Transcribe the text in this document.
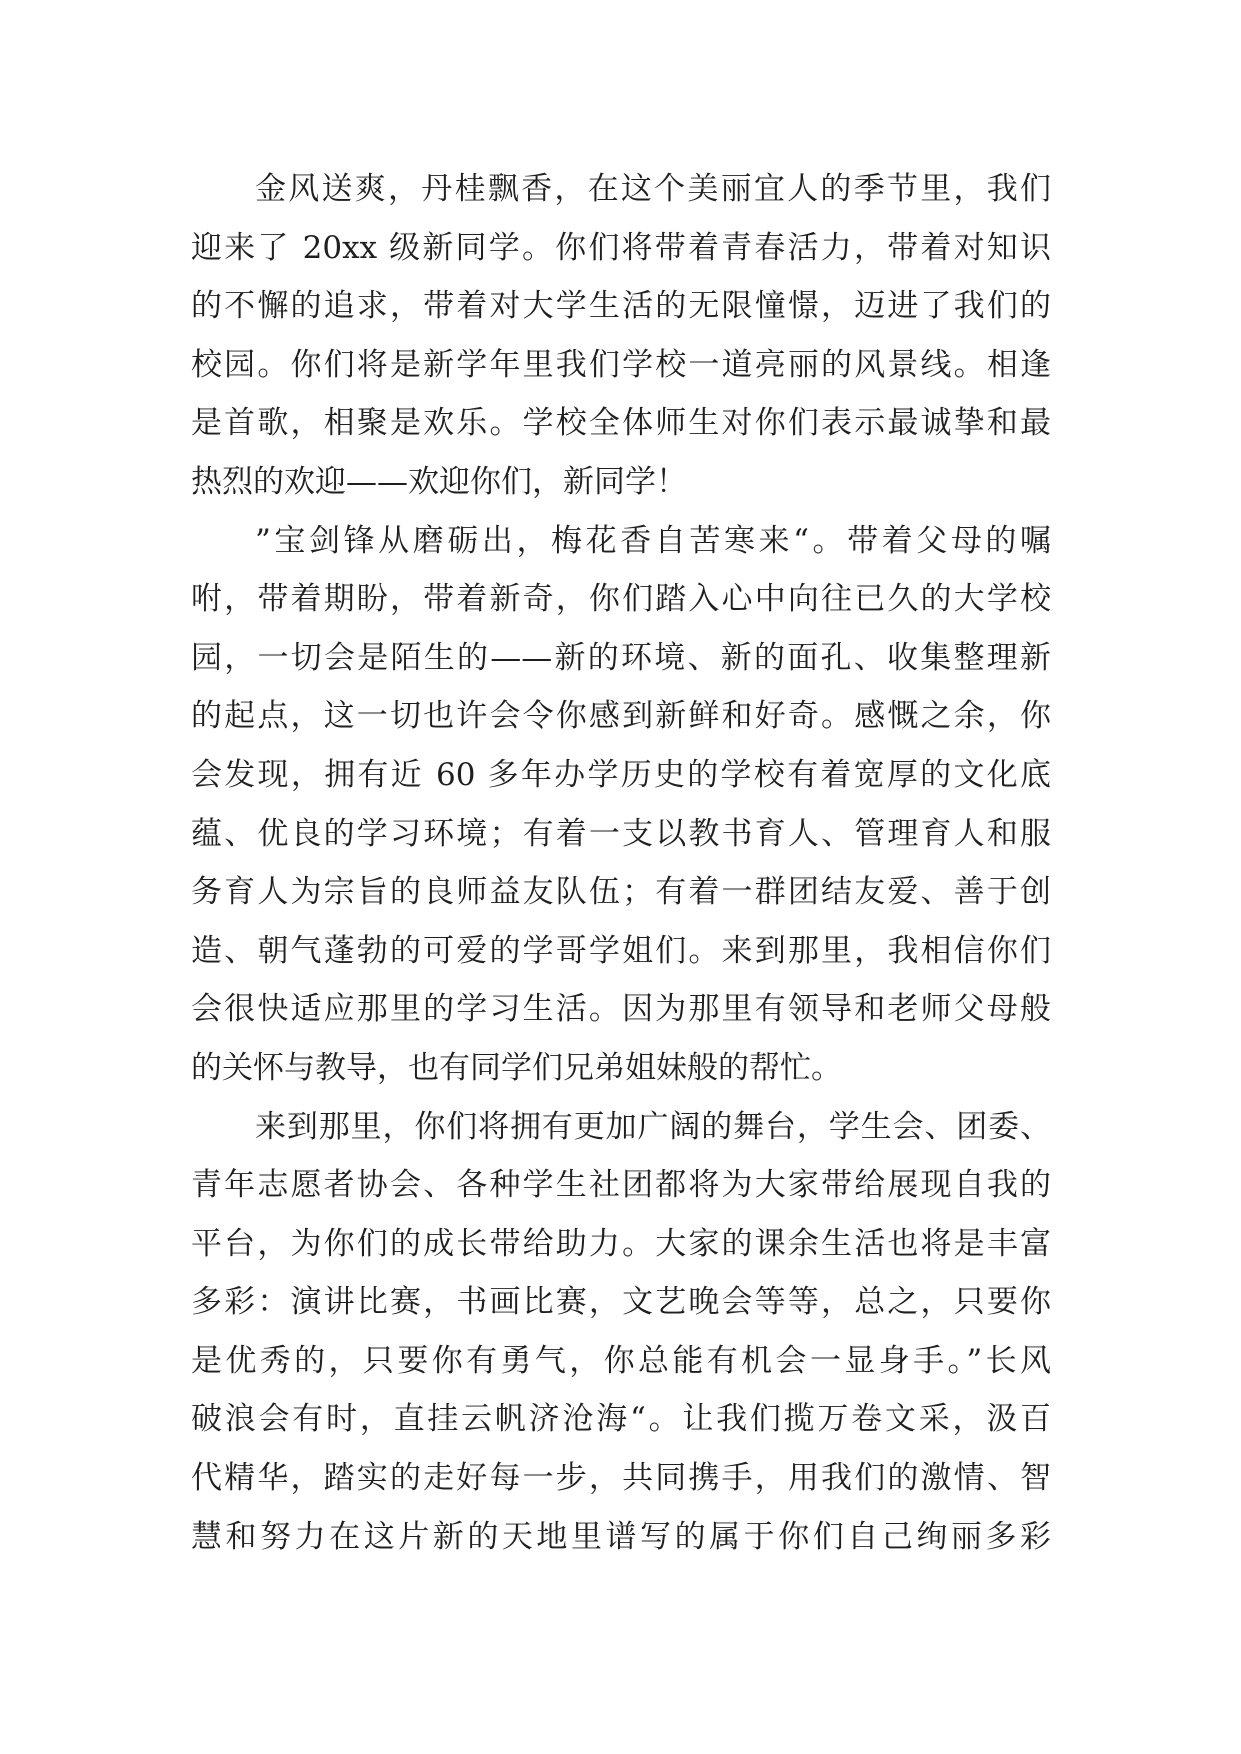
金风送爽，丹桂飘香，在这个美丽宜人的季节里，我们
迎来了 20xx 级新同学。你们将带着青春活力，带着对知识
的不懈的追求，带着对大学生活的无限憧憬，迈进了我们的
校园。你们将是新学年里我们学校一道亮丽的风景线。相逢
是首歌，相聚是欢乐。学校全体师生对你们表示最诚挚和最
热烈的欢迎——欢迎你们，新同学！
”宝剑锋从磨砺出，梅花香自苦寒来“。带着父母的嘱
咐，带着期盼，带着新奇，你们踏入心中向往已久的大学校
园，一切会是陌生的——新的环境、新的面孔、收集整理新
的起点，这一切也许会令你感到新鲜和好奇。感慨之余，你
会发现，拥有近 60 多年办学历史的学校有着宽厚的文化底
蕴、优良的学习环境；有着一支以教书育人、管理育人和服
务育人为宗旨的良师益友队伍；有着一群团结友爱、善于创
造、朝气蓬勃的可爱的学哥学姐们。来到那里，我相信你们
会很快适应那里的学习生活。因为那里有领导和老师父母般
的关怀与教导，也有同学们兄弟姐妹般的帮忙。
来到那里，你们将拥有更加广阔的舞台，学生会、团委、
青年志愿者协会、各种学生社团都将为大家带给展现自我的
平台，为你们的成长带给助力。大家的课余生活也将是丰富
多彩：演讲比赛，书画比赛，文艺晚会等等，总之，只要你
是优秀的，只要你有勇气，你总能有机会一显身手。”长风
破浪会有时，直挂云帆济沧海“。让我们揽万卷文采，汲百
代精华，踏实的走好每一步，共同携手，用我们的激情、智
慧和努力在这片新的天地里谱写的属于你们自己绚丽多彩
